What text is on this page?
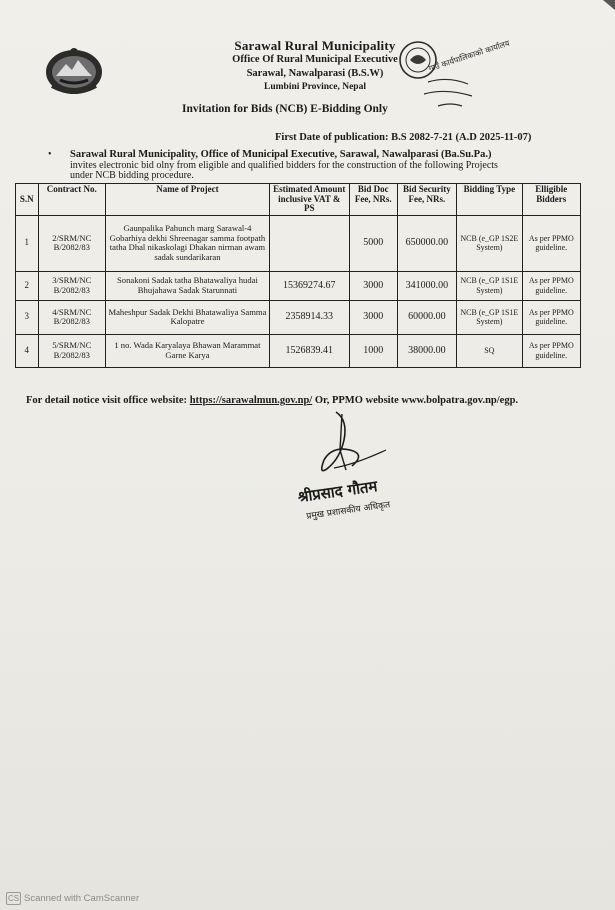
गाउँ कार्यपालिकाको कार्यालय
Sarawal Rural Municipality
Office Of Rural Municipal Executive
Sarawal, Nawalparasi (B.S.W)
Lumbini Province, Nepal
Invitation for Bids (NCB) E-Bidding Only
First Date of publication: B.S 2082-7-21 (A.D 2025-11-07)
• Sarawal Rural Municipality, Office of Municipal Executive, Sarawal, Nawalparasi (Ba.Su.Pa.)
invites electronic bid olny from eligible and qualified bidders for the construction of the following Projects
under NCB bidding procedure.
S.N	Contract No.	Name of Project	Estimated Amount inclusive VAT & PS	Bid Doc Fee, NRs.	Bid Security Fee, NRs.	Bidding Type	Elligible Bidders
1	2/SRM/NC B/2082/83	Gaunpalika Pahunch marg Sarawal-4 Gobarhiya dekhi Shreenagar samma footpath tatha Dhal nikaskolagi Dhakan nirman awam sadak sundarikaran		5000	650000.00	NCB (e_GP 1S2E System)	As per PPMO guideline.
2	3/SRM/NC B/2082/83	Sonakoni Sadak tatha Bhatawaliya hudai Bhujahawa Sadak Starunnati	15369274.67	3000	341000.00	NCB (e_GP 1S1E System)	As per PPMO guideline.
3	4/SRM/NC B/2082/83	Maheshpur Sadak Dekhi Bhatawaliya Samma Kalopatre	2358914.33	3000	60000.00	NCB (e_GP 1S1E System)	As per PPMO guideline.
4	5/SRM/NC B/2082/83	1 no. Wada Karyalaya Bhawan Marammat Garne Karya	1526839.41	1000	38000.00	SQ	As per PPMO guideline.
For detail notice visit office website: https://sarawalmun.gov.np/ Or, PPMO website www.bolpatra.gov.np/egp.
श्रीप्रसाद गौतम
प्रमुख प्रशासकीय अधिकृत
CS Scanned with CamScanner
